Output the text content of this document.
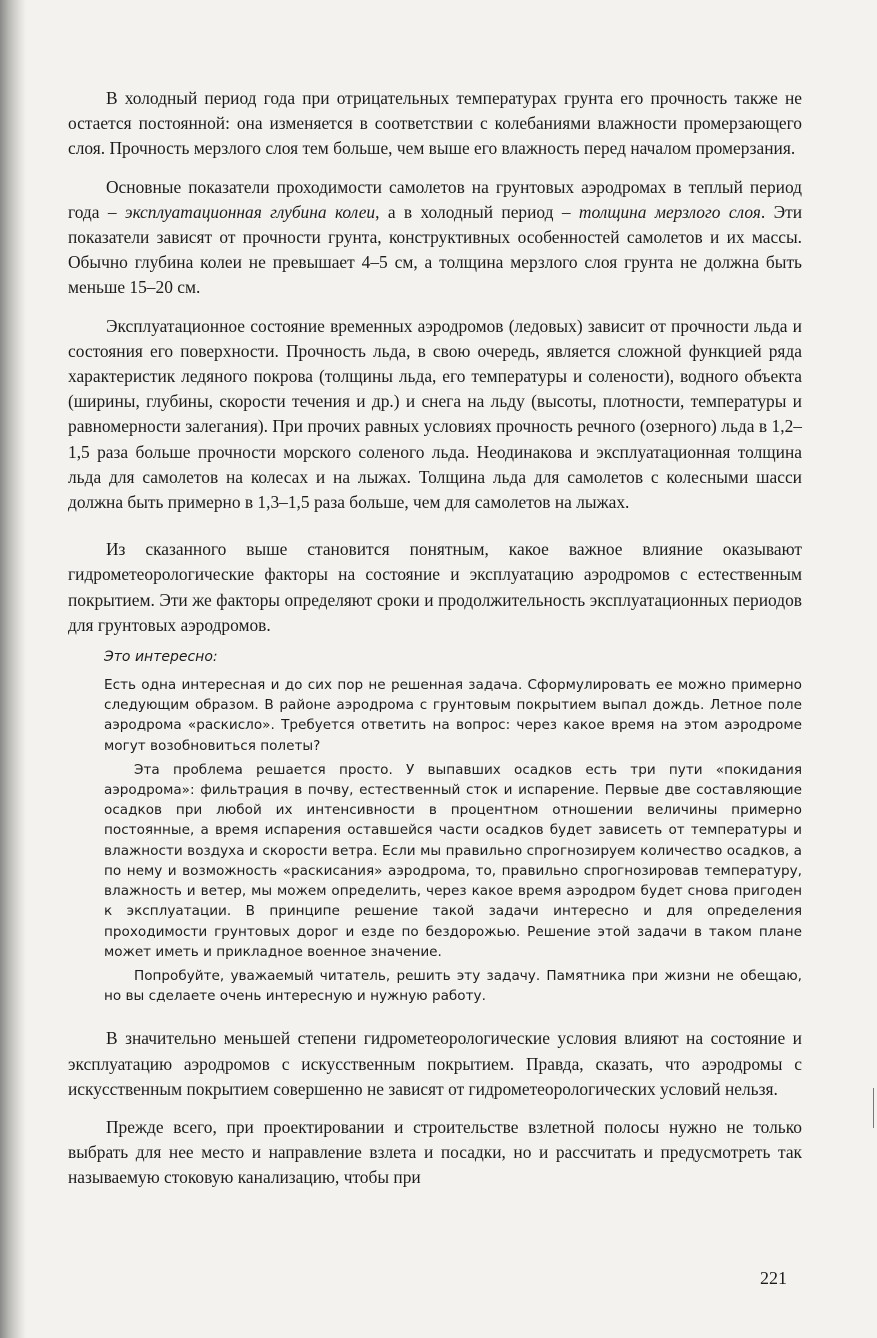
В холодный период года при отрицательных температурах грунта его прочность также не остается постоянной: она изменяется в соответствии с колебаниями влажности промерзающего слоя. Прочность мерзлого слоя тем больше, чем выше его влажность перед началом промерзания.

Основные показатели проходимости самолетов на грунтовых аэродромах в теплый период года – эксплуатационная глубина колеи, а в холодный период – толщина мерзлого слоя. Эти показатели зависят от прочности грунта, конструктивных особенностей самолетов и их массы. Обычно глубина колеи не превышает 4–5 см, а толщина мерзлого слоя грунта не должна быть меньше 15–20 см.

Эксплуатационное состояние временных аэродромов (ледовых) зависит от прочности льда и состояния его поверхности. Прочность льда, в свою очередь, является сложной функцией ряда характеристик ледяного покрова (толщины льда, его температуры и солености), водного объекта (ширины, глубины, скорости течения и др.) и снега на льду (высоты, плотности, температуры и равномерности залегания). При прочих равных условиях прочность речного (озерного) льда в 1,2–1,5 раза больше прочности морского соленого льда. Неодинакова и эксплуатационная толщина льда для самолетов на колесах и на лыжах. Толщина льда для самолетов с колесными шасси должна быть примерно в 1,3–1,5 раза больше, чем для самолетов на лыжах.

Из сказанного выше становится понятным, какое важное влияние оказывают гидрометеорологические факторы на состояние и эксплуатацию аэродромов с естественным покрытием. Эти же факторы определяют сроки и продолжительность эксплуатационных периодов для грунтовых аэродромов.

Это интересно:

Есть одна интересная и до сих пор не решенная задача. Сформулировать ее можно примерно следующим образом. В районе аэродрома с грунтовым покрытием выпал дождь. Летное поле аэродрома «раскисло». Требуется ответить на вопрос: через какое время на этом аэродроме могут возобновиться полеты?

Эта проблема решается просто. У выпавших осадков есть три пути «покидания аэродрома»: фильтрация в почву, естественный сток и испарение. Первые две составляющие осадков при любой их интенсивности в процентном отношении величины примерно постоянные, а время испарения оставшейся части осадков будет зависеть от температуры и влажности воздуха и скорости ветра. Если мы правильно спрогнозируем количество осадков, а по нему и возможность «раскисания» аэродрома, то, правильно спрогнозировав температуру, влажность и ветер, мы можем определить, через какое время аэродром будет снова пригоден к эксплуатации. В принципе решение такой задачи интересно и для определения проходимости грунтовых дорог и езде по бездорожью. Решение этой задачи в таком плане может иметь и прикладное военное значение.

Попробуйте, уважаемый читатель, решить эту задачу. Памятника при жизни не обещаю, но вы сделаете очень интересную и нужную работу.

В значительно меньшей степени гидрометеорологические условия влияют на состояние и эксплуатацию аэродромов с искусственным покрытием. Правда, сказать, что аэродромы с искусственным покрытием совершенно не зависят от гидрометеорологических условий нельзя.

Прежде всего, при проектировании и строительстве взлетной полосы нужно не только выбрать для нее место и направление взлета и посадки, но и рассчитать и предусмотреть так называемую стоковую канализацию, чтобы при

221
